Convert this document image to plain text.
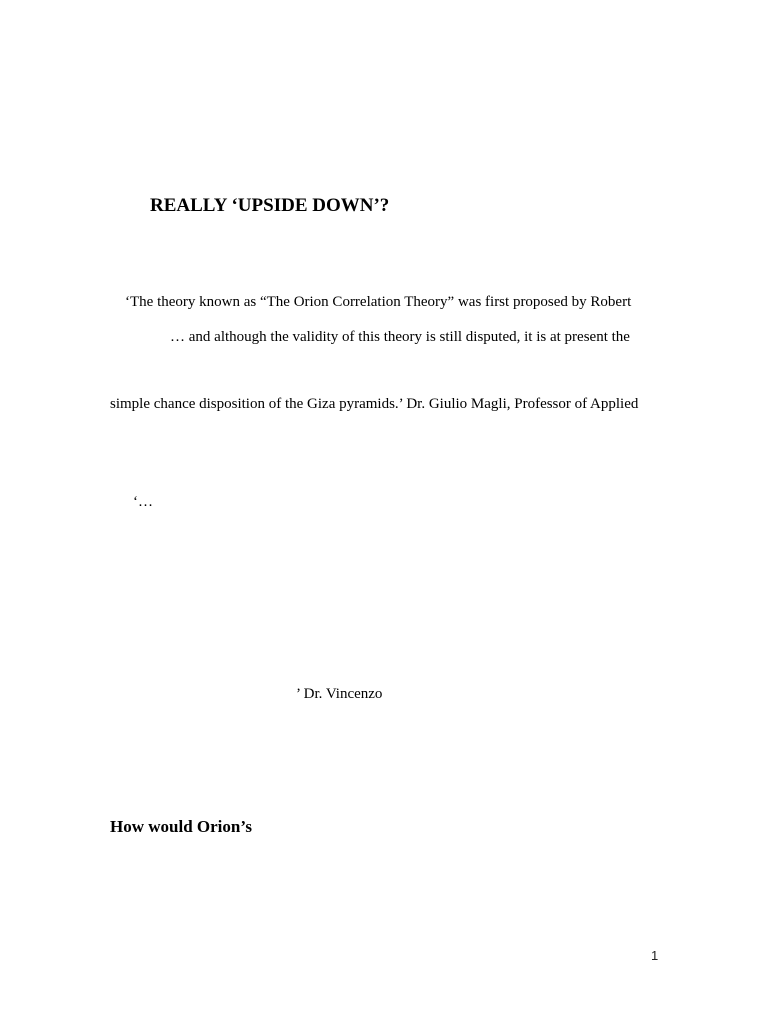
REALLY ‘UPSIDE DOWN’?
‘The theory known as “The Orion Correlation Theory” was first proposed by Robert
… and although the validity of this theory is still disputed, it is at present the
simple chance disposition of the Giza pyramids.’ Dr. Giulio Magli, Professor of Applied
‘…
’ Dr. Vincenzo
How would Orion’s
1
